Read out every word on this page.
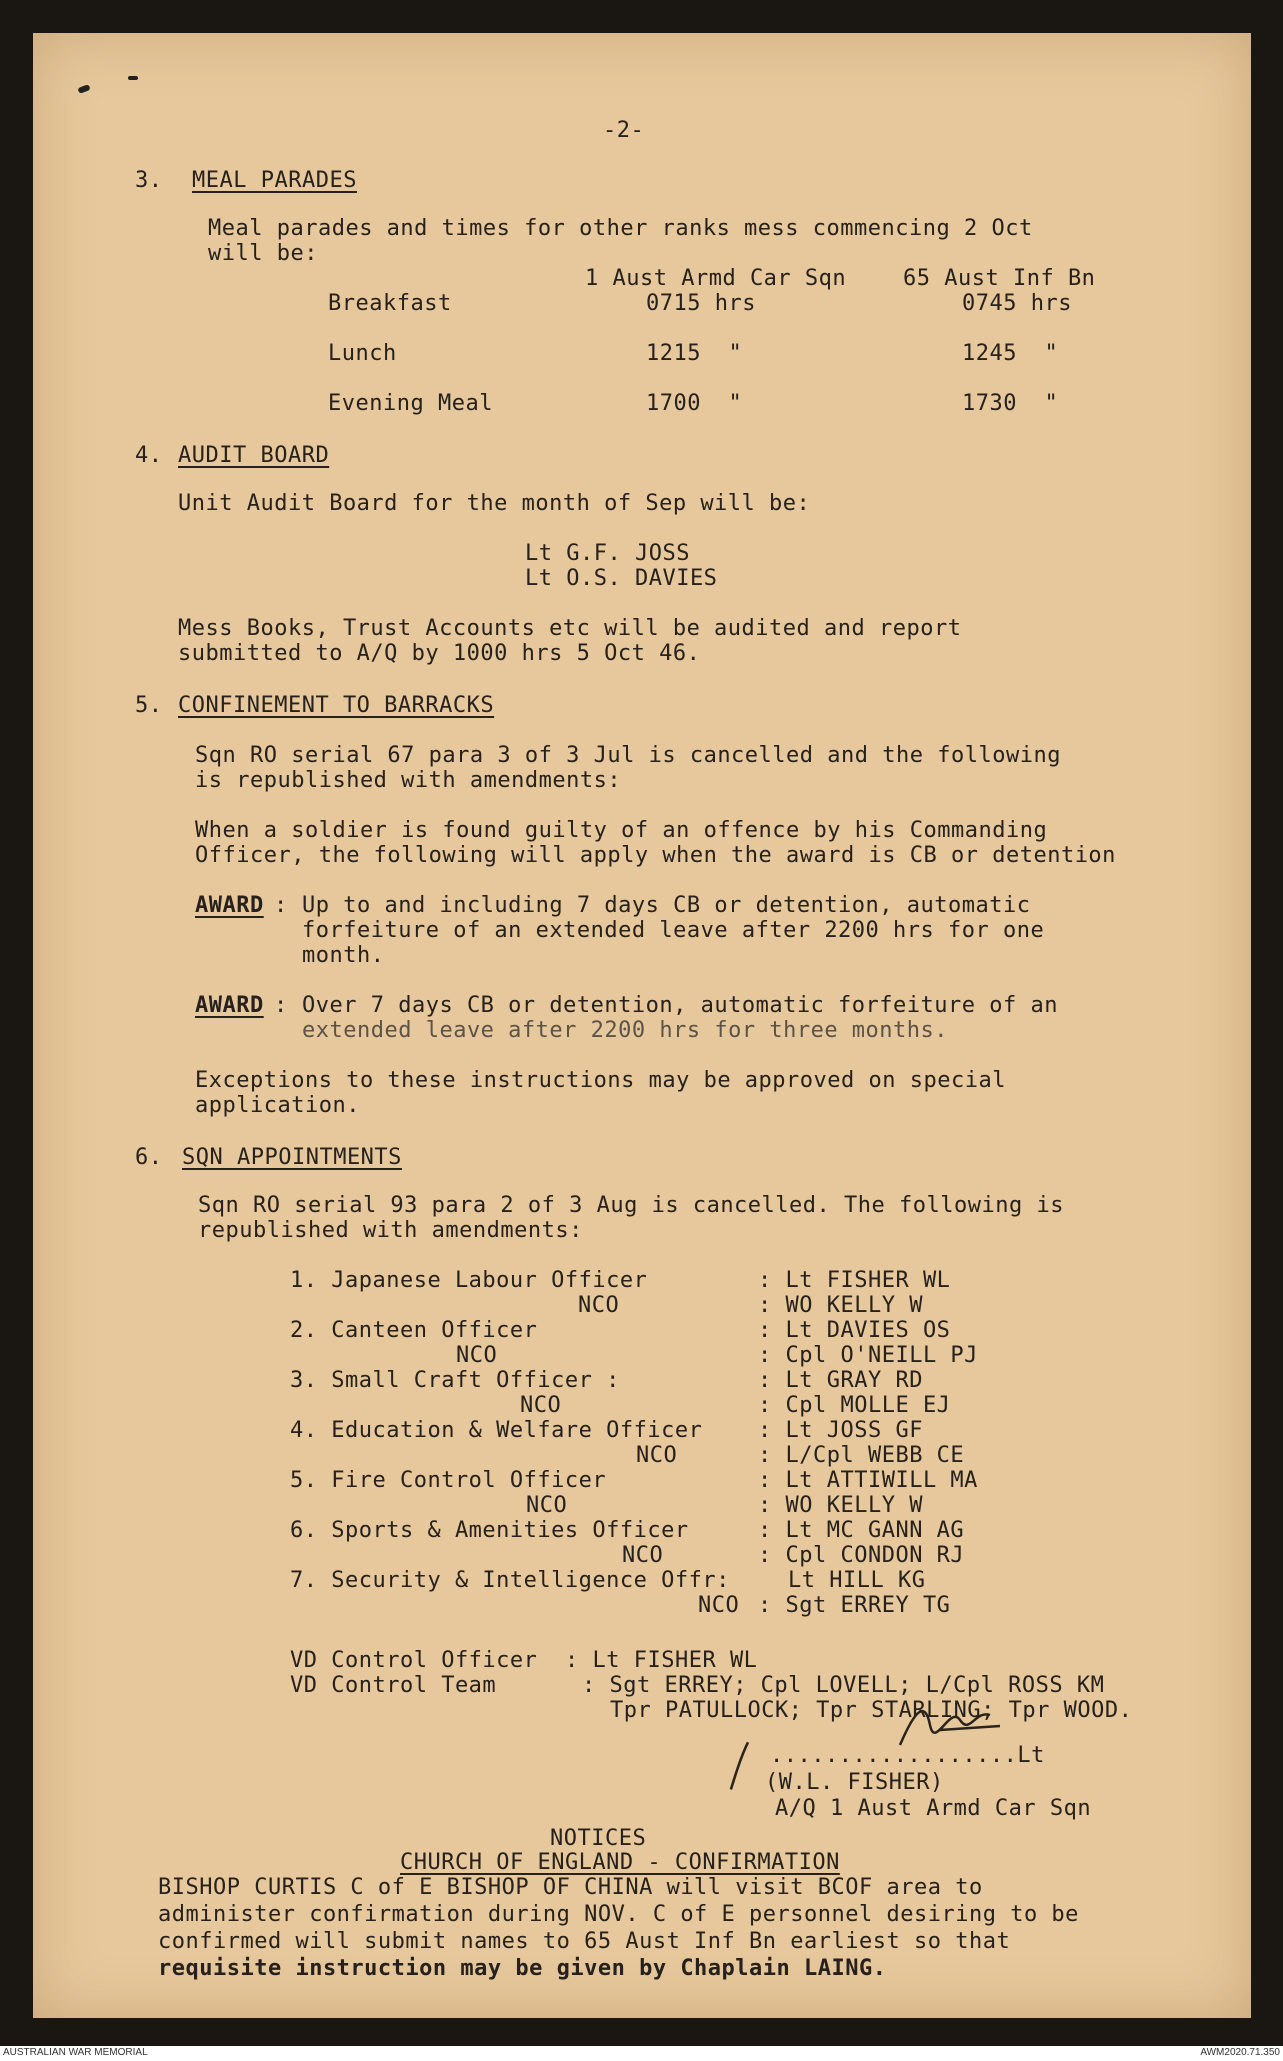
-2-
3. MEAL PARADES
Meal parades and times for other ranks mess commencing 2 Oct
will be:
1 Aust Armd Car Sqn	65 Aust Inf Bn
Breakfast	0715 hrs	0745 hrs
Lunch	1215  "	1245  "
Evening Meal	1700  "	1730  "
4. AUDIT BOARD
Unit Audit Board for the month of Sep will be:
Lt G.F. JOSS
Lt O.S. DAVIES
Mess Books, Trust Accounts etc will be audited and report
submitted to A/Q by 1000 hrs 5 Oct 46.
5. CONFINEMENT TO BARRACKS
Sqn RO serial 67 para 3 of 3 Jul is cancelled and the following
is republished with amendments:
When a soldier is found guilty of an offence by his Commanding
Officer, the following will apply when the award is CB or detention
AWARD : Up to and including 7 days CB or detention, automatic
forfeiture of an extended leave after 2200 hrs for one
month.
AWARD : Over 7 days CB or detention, automatic forfeiture of an
extended leave after 2200 hrs for three months.
Exceptions to these instructions may be approved on special
application.
6. SQN APPOINTMENTS
Sqn RO serial 93 para 2 of 3 Aug is cancelled. The following is
republished with amendments:
1. Japanese Labour Officer	: Lt FISHER WL
NCO	: WO KELLY W
2. Canteen Officer	: Lt DAVIES OS
NCO	: Cpl O'NEILL PJ
3. Small Craft Officer :	: Lt GRAY RD
NCO	: Cpl MOLLE EJ
4. Education & Welfare Officer	: Lt JOSS GF
NCO	: L/Cpl WEBB CE
5. Fire Control Officer	: Lt ATTIWILL MA
NCO	: WO KELLY W
6. Sports & Amenities Officer	: Lt MC GANN AG
NCO	: Cpl CONDON RJ
7. Security & Intelligence Offr:	Lt HILL KG
NCO : Sgt ERREY TG
VD Control Officer : Lt FISHER WL
VD Control Team	: Sgt ERREY; Cpl LOVELL; L/Cpl ROSS KM
Tpr PATULLOCK; Tpr STARLING; Tpr WOOD.
..................Lt
(W.L. FISHER)
A/Q 1 Aust Armd Car Sqn
NOTICES
CHURCH OF ENGLAND - CONFIRMATION
BISHOP CURTIS C of E BISHOP OF CHINA will visit BCOF area to
administer confirmation during NOV. C of E personnel desiring to be
confirmed will submit names to 65 Aust Inf Bn earliest so that
requisite instruction may be given by Chaplain LAING.
AUSTRALIAN WAR MEMORIAL	AWM2020.71.350
